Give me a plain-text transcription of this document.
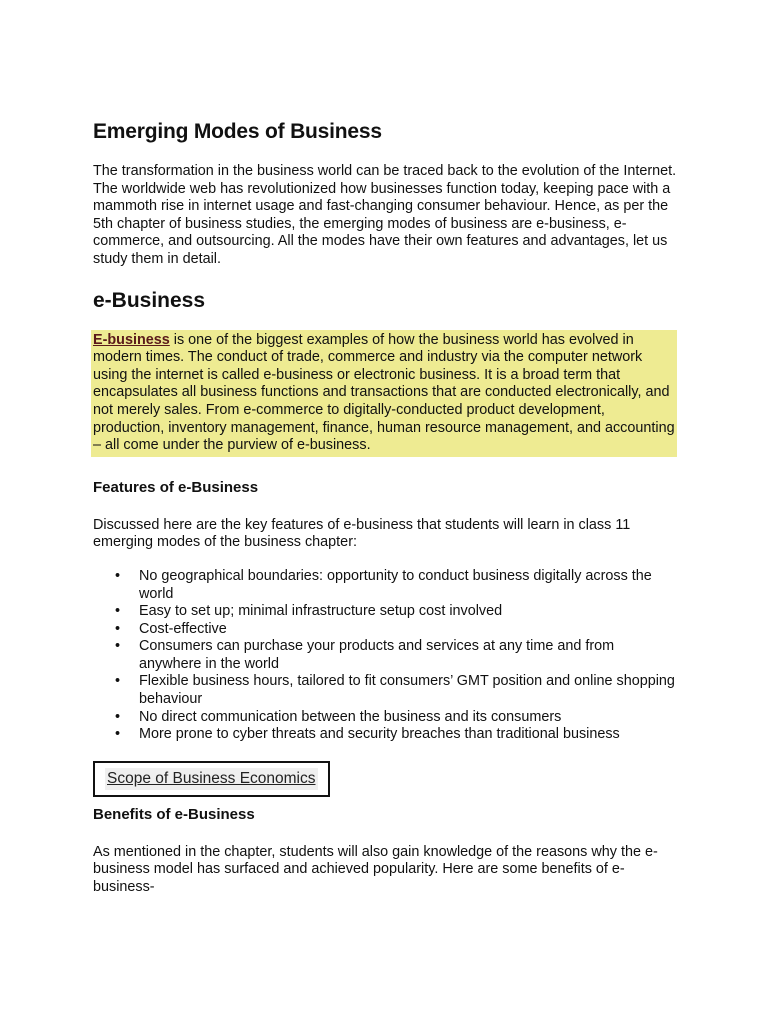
Emerging Modes of Business

The transformation in the business world can be traced back to the evolution of the Internet. The worldwide web has revolutionized how businesses function today, keeping pace with a mammoth rise in internet usage and fast-changing consumer behaviour. Hence, as per the 5th chapter of business studies, the emerging modes of business are e-business, e-commerce, and outsourcing. All the modes have their own features and advantages, let us study them in detail.

e-Business

E-business is one of the biggest examples of how the business world has evolved in modern times. The conduct of trade, commerce and industry via the computer network using the internet is called e-business or electronic business. It is a broad term that encapsulates all business functions and transactions that are conducted electronically, and not merely sales. From e-commerce to digitally-conducted product development, production, inventory management, finance, human resource management, and accounting – all come under the purview of e-business.

Features of e-Business

Discussed here are the key features of e-business that students will learn in class 11 emerging modes of the business chapter:

• No geographical boundaries: opportunity to conduct business digitally across the world
• Easy to set up; minimal infrastructure setup cost involved
• Cost-effective
• Consumers can purchase your products and services at any time and from anywhere in the world
• Flexible business hours, tailored to fit consumers’ GMT position and online shopping behaviour
• No direct communication between the business and its consumers
• More prone to cyber threats and security breaches than traditional business
Scope of Business Economics
Benefits of e-Business

As mentioned in the chapter, students will also gain knowledge of the reasons why the e-business model has surfaced and achieved popularity. Here are some benefits of e-business-
